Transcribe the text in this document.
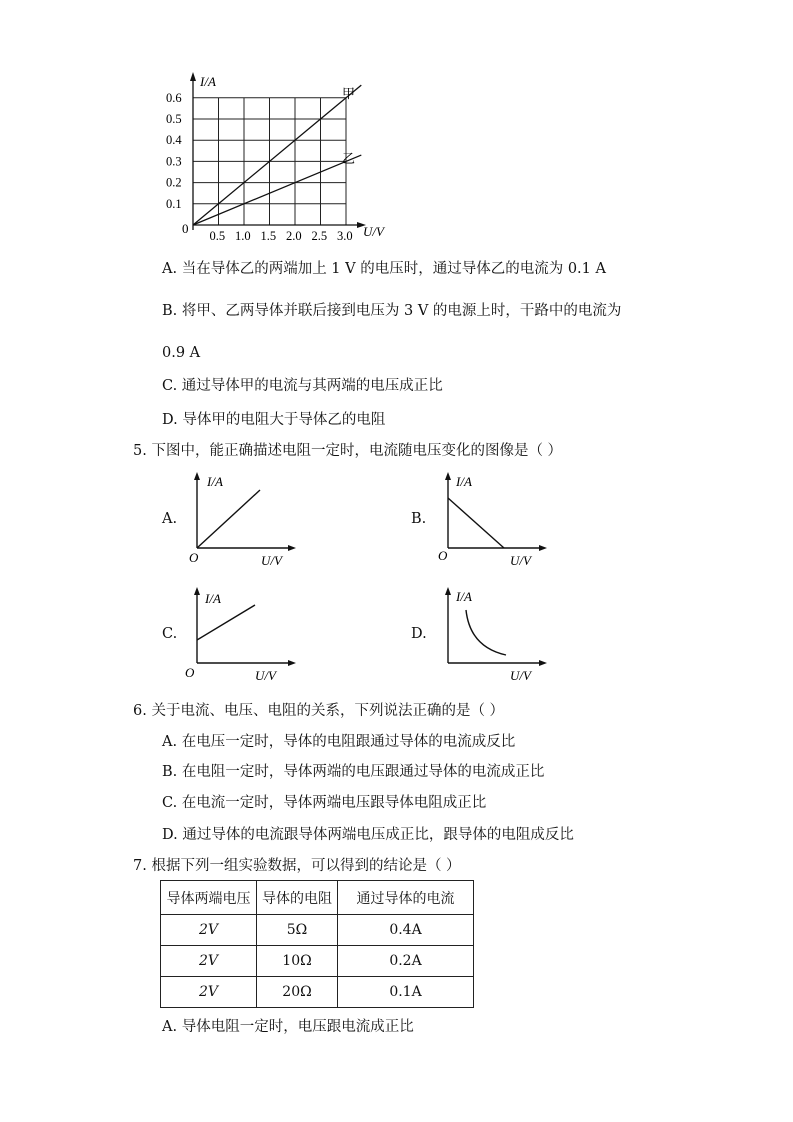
I/A
U/V
0
0.6
0.5
0.4
0.3
0.2
0.1
0.5 1.0 1.5 2.0 2.5 3.0
甲
乙
A. 当在导体乙的两端加上 1 V 的电压时，通过导体乙的电流为 0.1 A
B. 将甲、乙两导体并联后接到电压为 3 V 的电源上时，干路中的电流为
0.9 A
C. 通过导体甲的电流与其两端的电压成正比
D. 导体甲的电阻大于导体乙的电阻
5. 下图中，能正确描述电阻一定时，电流随电压变化的图像是（ ）
A.
I/A
U/V
O
B.
I/A
U/V
O
C.
I/A
U/V
O
D.
I/A
U/V
6. 关于电流、电压、电阻的关系，下列说法正确的是（ ）
A. 在电压一定时，导体的电阻跟通过导体的电流成反比
B. 在电阻一定时，导体两端的电压跟通过导体的电流成正比
C. 在电流一定时，导体两端电压跟导体电阻成正比
D. 通过导体的电流跟导体两端电压成正比，跟导体的电阻成反比
7. 根据下列一组实验数据，可以得到的结论是（ ）
导体两端电压	导体的电阻	通过导体的电流
2V	5Ω	0.4A
2V	10Ω	0.2A
2V	20Ω	0.1A
A. 导体电阻一定时，电压跟电流成正比
